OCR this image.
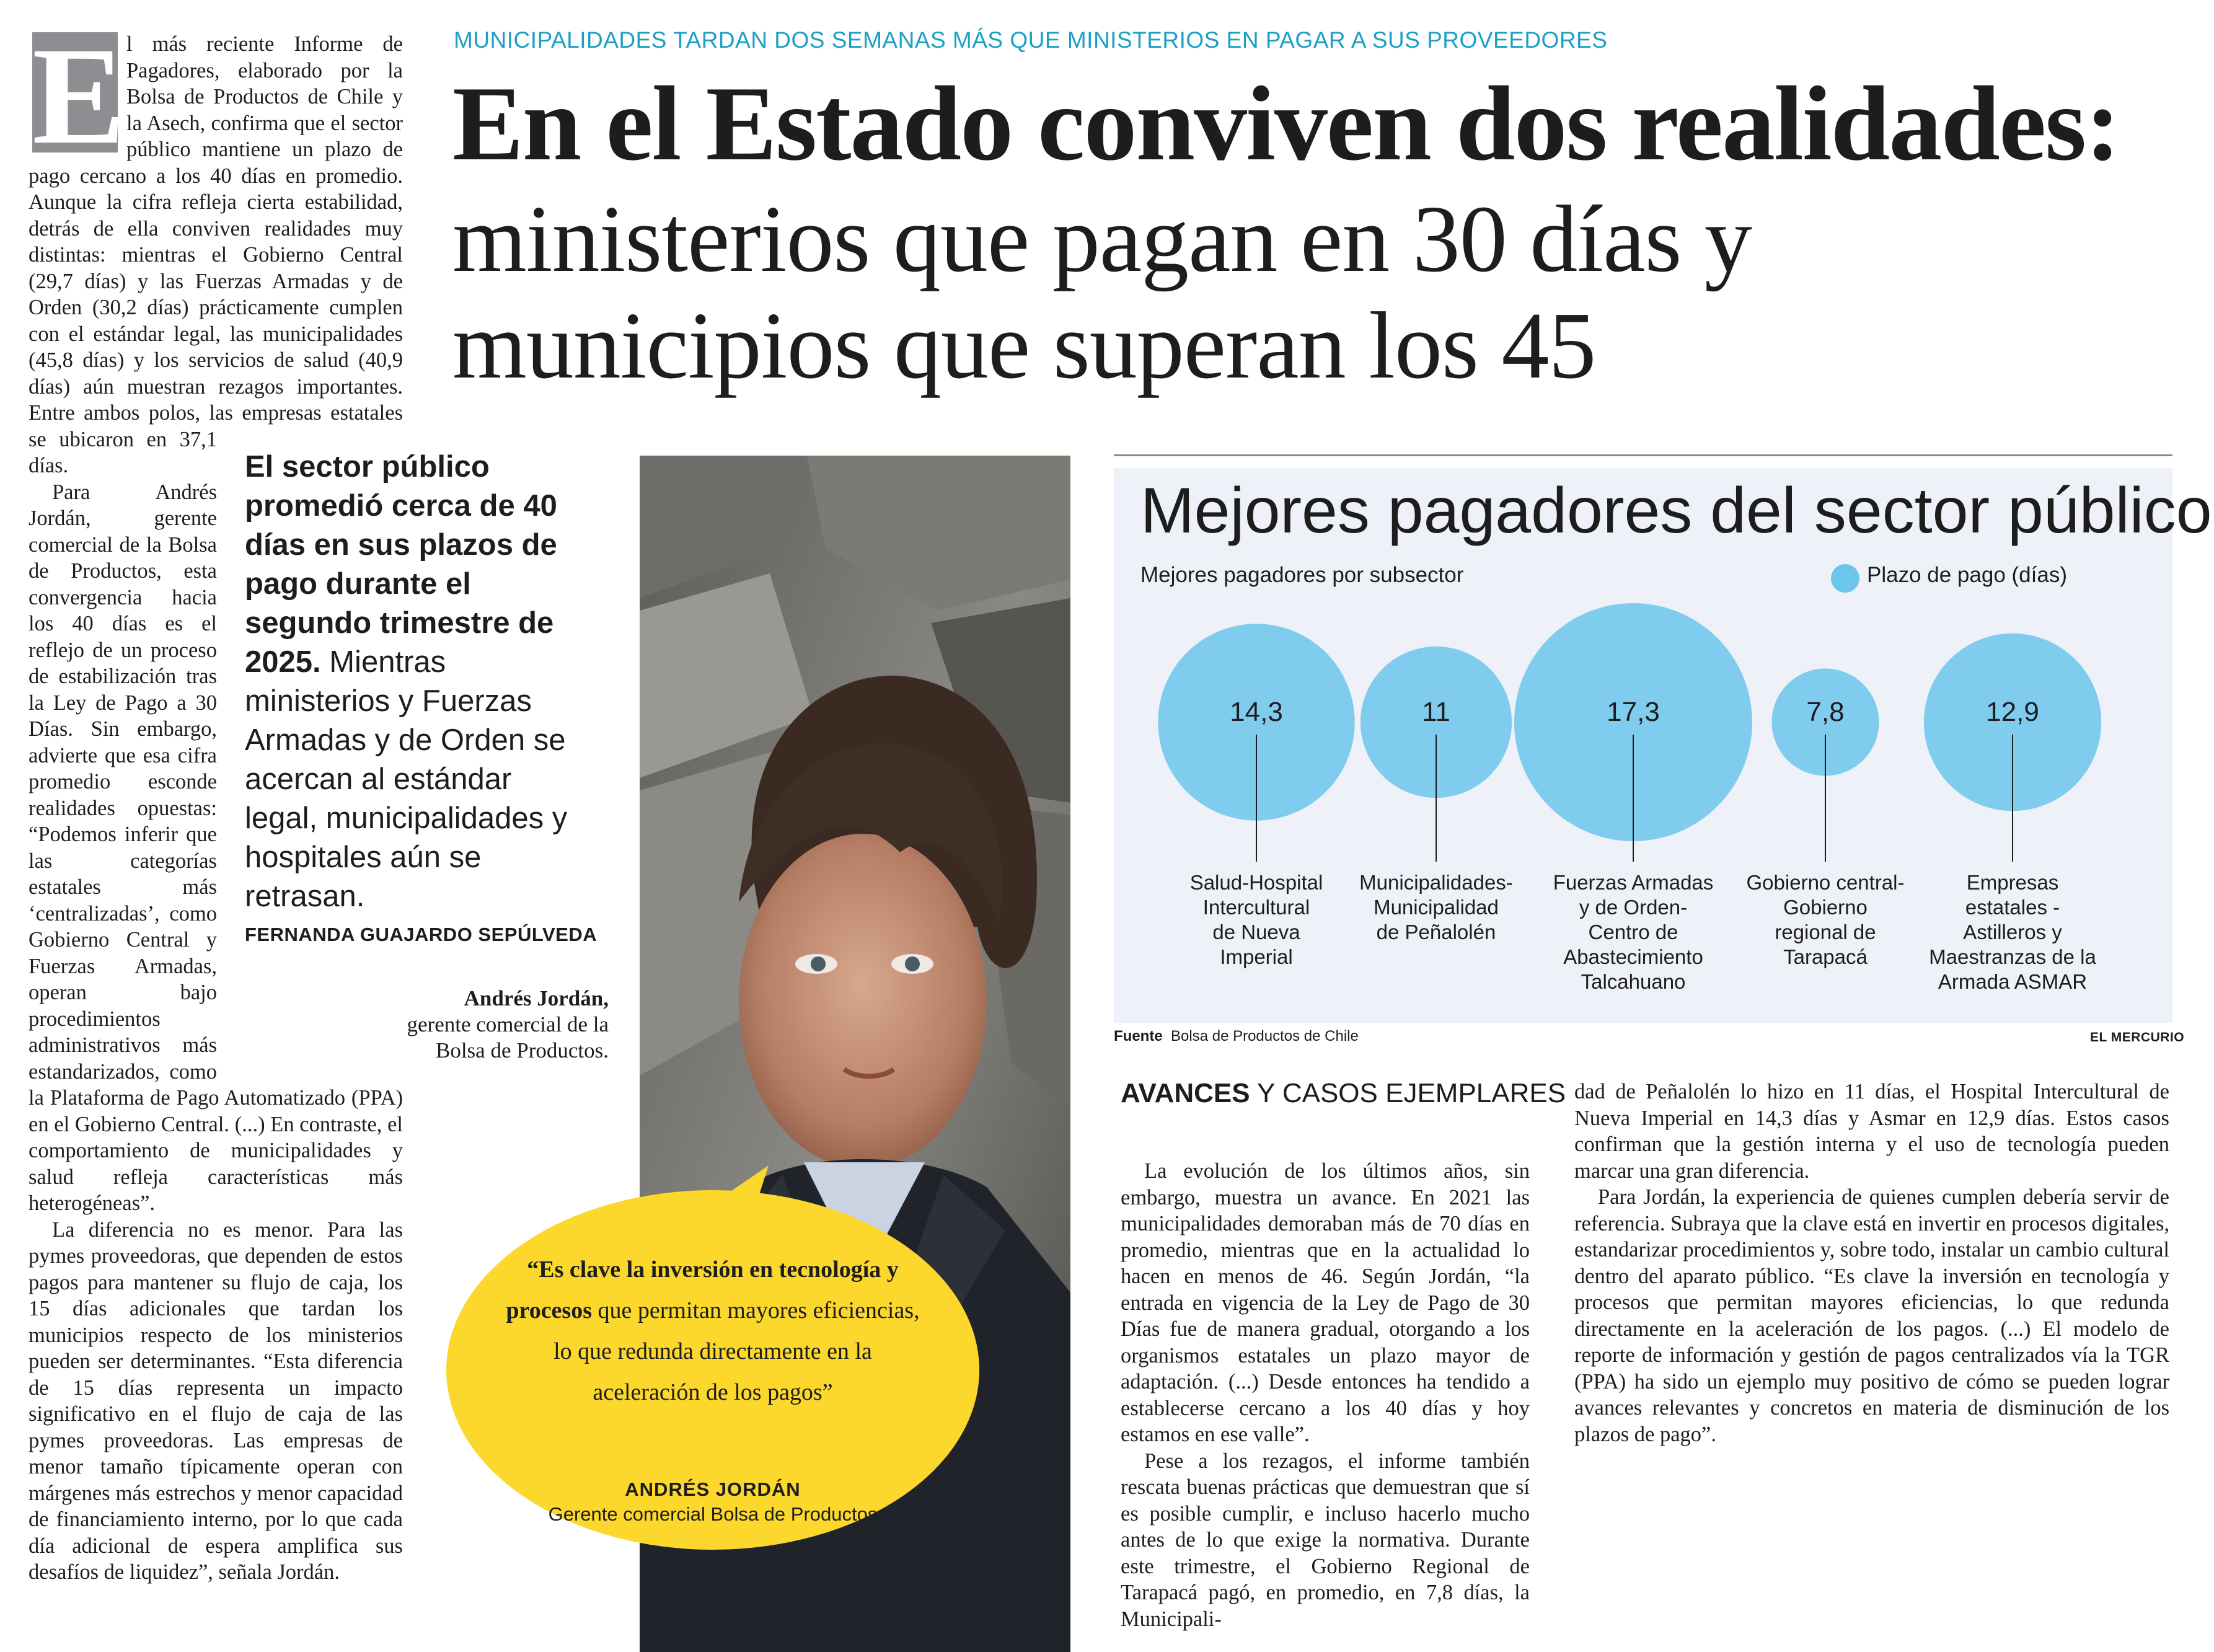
MUNICIPALIDADES TARDAN DOS SEMANAS MÁS QUE MINISTERIOS EN PAGAR A SUS PROVEEDORES
En el Estado conviven dos realidades:
ministerios que pagan en 30 días y
municipios que superan los 45
E l más reciente Informe de Pagadores, elaborado por la Bolsa de Productos de Chile y la Asech, confirma que el sector público mantiene un plazo de pago cercano a los 40 días en promedio. Aunque la cifra refleja cierta estabilidad, detrás de ella conviven realidades muy distintas: mientras el Gobierno Central (29,7 días) y las Fuerzas Armadas y de Orden (30,2 días) prácticamente cumplen con el estándar legal, las municipalidades (45,8 días) y los servicios de salud (40,9 días) aún muestran rezagos importantes. Entre ambos polos, las empresas estatales se ubicaron en 37,1 días.

Para Andrés Jordán, gerente comercial de la Bolsa de Productos, esta convergencia hacia los 40 días es el reflejo de un proceso de estabilización tras la Ley de Pago a 30 Días. Sin embargo, advierte que esa cifra promedio esconde realidades opuestas: “Podemos inferir que las categorías estatales más ‘centralizadas’, como Gobierno Central y Fuerzas Armadas, operan bajo procedimientos administrativos más estandarizados, como la Plataforma de Pago Automatizado (PPA) en el Gobierno Central. (...) En contraste, el comportamiento de municipalidades y salud refleja características más heterogéneas”.

La diferencia no es menor. Para las pymes proveedoras, que dependen de estos pagos para mantener su flujo de caja, los 15 días adicionales que tardan los municipios respecto de los ministerios pueden ser determinantes. “Esta diferencia de 15 días representa un impacto significativo en el flujo de caja de las pymes proveedoras. Las empresas de menor tamaño típicamente operan con márgenes más estrechos y menor capacidad de financiamiento interno, por lo que cada día adicional de espera amplifica sus desafíos de liquidez”, señala Jordán.

El sector público promedió cerca de 40 días en sus plazos de pago durante el segundo trimestre de 2025. Mientras ministerios y Fuerzas Armadas y de Orden se acercan al estándar legal, municipalidades y hospitales aún se retrasan.
FERNANDA GUAJARDO SEPÚLVEDA
Andrés Jordán,
gerente comercial de la Bolsa de Productos.
“Es clave la inversión en tecnología y procesos que permitan mayores eficiencias, lo que redunda directamente en la aceleración de los pagos”
ANDRÉS JORDÁN
Gerente comercial Bolsa de Productos
14,3
Salud-Hospital
Intercultural
de Nueva
Imperial
11
Municipalidades-
Municipalidad
de Peñalolén
17,3
Fuerzas Armadas
y de Orden-
Centro de
Abastecimiento
Talcahuano
7,8
Gobierno central-
Gobierno
regional de
Tarapacá
12,9
Empresas
estatales -
Astilleros y
Maestranzas de la
Armada ASMAR
Mejores pagadores del sector público
Mejores pagadores por subsector	Plazo de pago (días)
Fuente Bolsa de Productos de Chile	EL MERCURIO
AVANCES Y CASOS EJEMPLARES

La evolución de los últimos años, sin embargo, muestra un avance. En 2021 las municipalidades demoraban más de 70 días en promedio, mientras que en la actualidad lo hacen en menos de 46. Según Jordán, “la entrada en vigencia de la Ley de Pago de 30 Días fue de manera gradual, otorgando a los organismos estatales un plazo mayor de adaptación. (...) Desde entonces ha tendido a establecerse cercano a los 40 días y hoy estamos en ese valle”.

Pese a los rezagos, el informe también rescata buenas prácticas que demuestran que sí es posible cumplir, e incluso hacerlo mucho antes de lo que exige la normativa. Durante este trimestre, el Gobierno Regional de Tarapacá pagó, en promedio, en 7,8 días, la Municipali-

dad de Peñalolén lo hizo en 11 días, el Hospital Intercultural de Nueva Imperial en 14,3 días y Asmar en 12,9 días. Estos casos confirman que la gestión interna y el uso de tecnología pueden marcar una gran diferencia.

Para Jordán, la experiencia de quienes cumplen debería servir de referencia. Subraya que la clave está en invertir en procesos digitales, estandarizar procedimientos y, sobre todo, instalar un cambio cultural dentro del aparato público. “Es clave la inversión en tecnología y procesos que permitan mayores eficiencias, lo que redunda directamente en la aceleración de los pagos. (...) El modelo de reporte de información y gestión de pagos centralizados vía la TGR (PPA) ha sido un ejemplo muy positivo de cómo se pueden lograr avances relevantes y concretos en materia de disminución de los plazos de pago”.
